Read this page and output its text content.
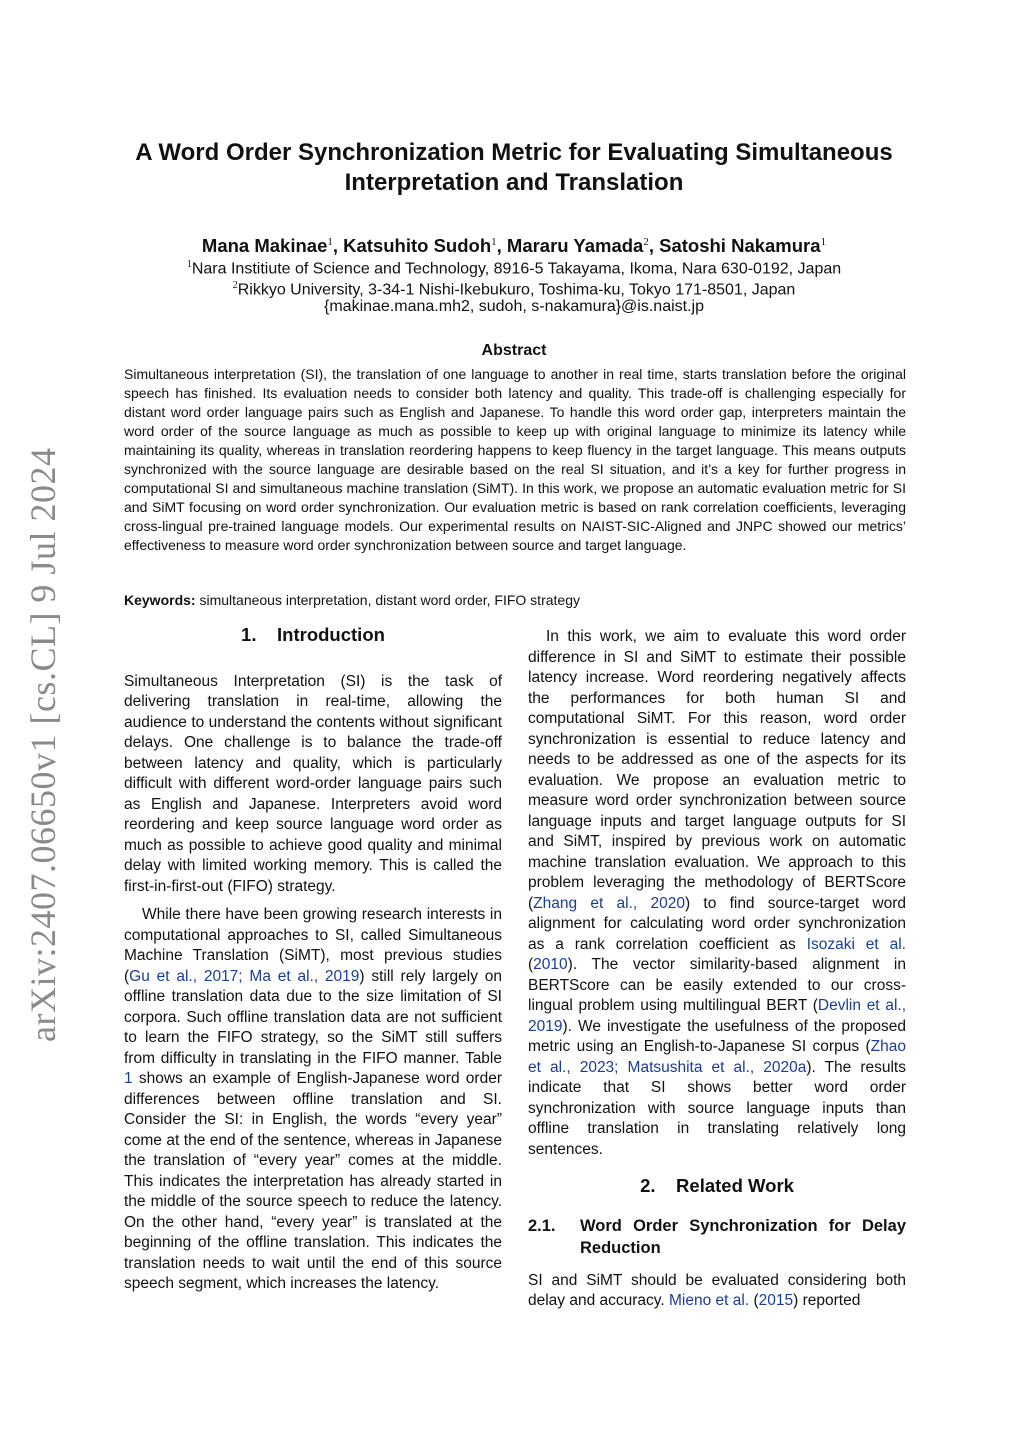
arXiv:2407.06650v1 [cs.CL] 9 Jul 2024
A Word Order Synchronization Metric for Evaluating Simultaneous
Interpretation and Translation
Mana Makinae$^1$, Katsuhito Sudoh$^1$, Mararu Yamada$^2$, Satoshi Nakamura$^1$
$^1$Nara Institiute of Science and Technology, 8916-5 Takayama, Ikoma, Nara 630-0192, Japan
$^2$Rikkyo University, 3-34-1 Nishi-Ikebukuro, Toshima-ku, Tokyo 171-8501, Japan
{makinae.mana.mh2, sudoh, s-nakamura}@is.naist.jp
Abstract
Simultaneous interpretation (SI), the translation of one language to another in real time, starts translation before the original speech has finished. Its evaluation needs to consider both latency and quality. This trade-off is challenging especially for distant word order language pairs such as English and Japanese. To handle this word order gap, interpreters maintain the word order of the source language as much as possible to keep up with original language to minimize its latency while maintaining its quality, whereas in translation reordering happens to keep fluency in the target language. This means outputs synchronized with the source language are desirable based on the real SI situation, and it’s a key for further progress in computational SI and simultaneous machine translation (SiMT). In this work, we propose an automatic evaluation metric for SI and SiMT focusing on word order synchronization. Our evaluation metric is based on rank correlation coefficients, leveraging cross-lingual pre-trained language models. Our experimental results on NAIST-SIC-Aligned and JNPC showed our metrics’ effectiveness to measure word order synchronization between source and target language.
Keywords: simultaneous interpretation, distant word order, FIFO strategy
1.    Introduction

Simultaneous Interpretation (SI) is the task of delivering translation in real-time, allowing the audience to understand the contents without significant delays. One challenge is to balance the trade-off between latency and quality, which is particularly difficult with different word-order language pairs such as English and Japanese. Interpreters avoid word reordering and keep source language word order as much as possible to achieve good quality and minimal delay with limited working memory. This is called the first-in-first-out (FIFO) strategy.

While there have been growing research interests in computational approaches to SI, called Simultaneous Machine Translation (SiMT), most previous studies (Gu et al., 2017; Ma et al., 2019) still rely largely on offline translation data due to the size limitation of SI corpora. Such offline translation data are not sufficient to learn the FIFO strategy, so the SiMT still suffers from difficulty in translating in the FIFO manner. Table 1 shows an example of English-Japanese word order differences between offline translation and SI. Consider the SI: in English, the words “every year” come at the end of the sentence, whereas in Japanese the translation of “every year” comes at the middle. This indicates the interpretation has already started in the middle of the source speech to reduce the latency. On the other hand, “every year” is translated at the beginning of the offline translation. This indicates the translation needs to wait until the end of this source speech segment, which increases the latency.

In this work, we aim to evaluate this word order difference in SI and SiMT to estimate their possible latency increase. Word reordering negatively affects the performances for both human SI and computational SiMT. For this reason, word order synchronization is essential to reduce latency and needs to be addressed as one of the aspects for its evaluation. We propose an evaluation metric to measure word order synchronization between source language inputs and target language outputs for SI and SiMT, inspired by previous work on automatic machine translation evaluation. We approach to this problem leveraging the methodology of BERTScore (Zhang et al., 2020) to find source-target word alignment for calculating word order synchronization as a rank correlation coefficient as Isozaki et al. (2010). The vector similarity-based alignment in BERTScore can be easily extended to our cross-lingual problem using multilingual BERT (Devlin et al., 2019). We investigate the usefulness of the proposed metric using an English-to-Japanese SI corpus (Zhao et al., 2023; Matsushita et al., 2020a). The results indicate that SI shows better word order synchronization with source language inputs than offline translation in translating relatively long sentences.

2.    Related Work
2.1.	Word Order Synchronization for Delay Reduction

SI and SiMT should be evaluated considering both delay and accuracy. Mieno et al. (2015) reported
